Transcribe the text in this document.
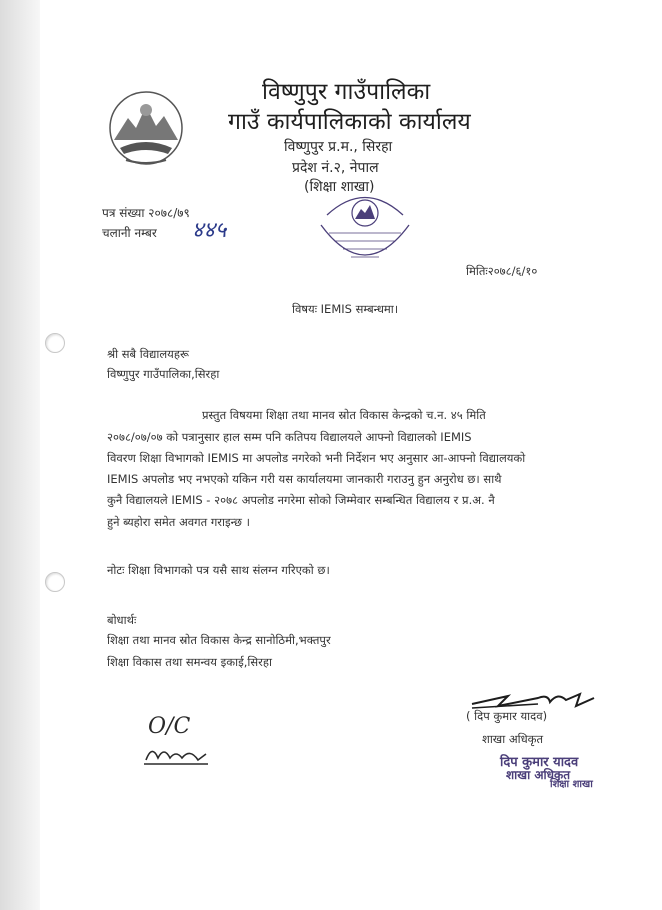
विष्णुपुर गाउँपालिका
गाउँ कार्यपालिकाको कार्यालय
विष्णुपुर प्र.म., सिरहा
प्रदेश नं.२, नेपाल
(शिक्षा शाखा)
पत्र संख्या २०७८/७९
चलानी नम्बर ४४५
मितिः२०७८/६/१०
विषयः IEMIS सम्बन्धमा।
श्री सबै विद्यालयहरू
विष्णुपुर गाउँपालिका,सिरहा
प्रस्तुत विषयमा शिक्षा तथा मानव स्रोत विकास केन्द्रको च.न. ४५ मिति
२०७८/०७/०७ को पत्रानुसार हाल सम्म पनि कतिपय विद्यालयले आफ्नो विद्यालको IEMIS
विवरण शिक्षा विभागको IEMIS मा अपलोड नगरेको भनी निर्देशन भए अनुसार आ-आफ्नो विद्यालयको
IEMIS अपलोड भए नभएको यकिन गरी यस कार्यालयमा जानकारी गराउनु हुन अनुरोध छ। साथै
कुनै विद्यालयले IEMIS - २०७८ अपलोड नगरेमा सोको जिम्मेवार सम्बन्धित विद्यालय र प्र.अ. नै
हुने ब्यहोरा समेत अवगत गराइन्छ ।
नोटः शिक्षा विभागको पत्र यसै साथ संलग्न गरिएको छ।
बोधार्थः
शिक्षा तथा मानव स्रोत विकास केन्द्र सानोठिमी,भक्तपुर
शिक्षा विकास तथा समन्वय इकाई,सिरहा
( दिप कुमार यादव)
शाखा अधिकृत
दिप कुमार यादव
शाखा अधिकृत
शिक्षा शाखा
O/C
